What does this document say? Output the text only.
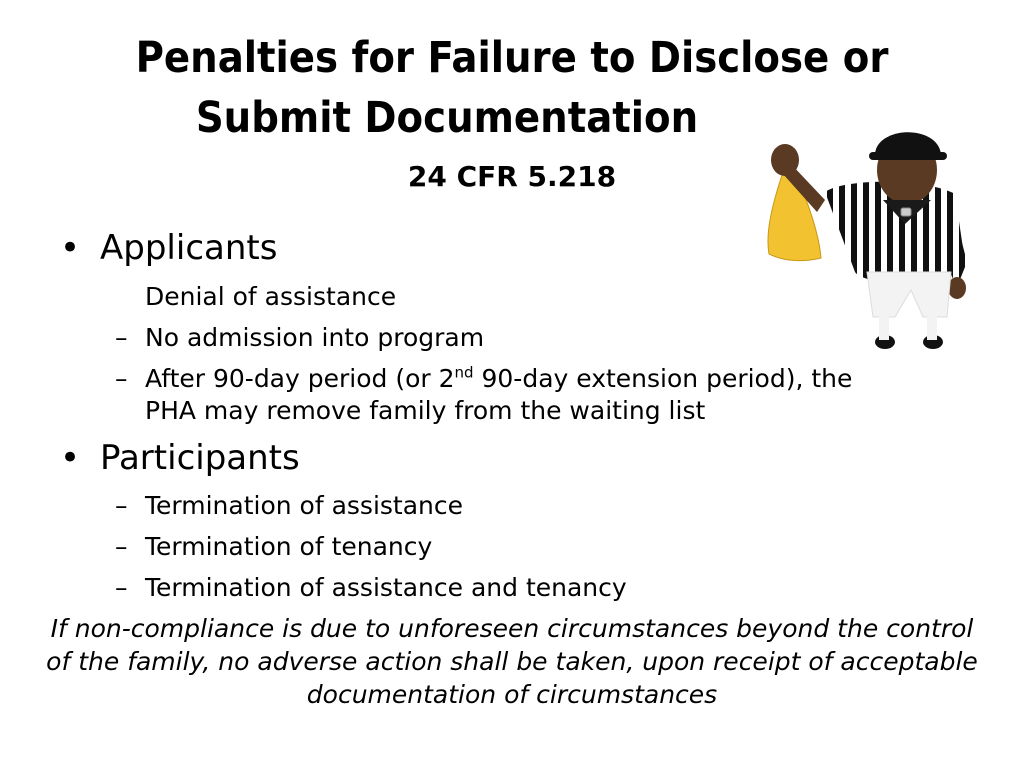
Penalties for Failure to Disclose or
Submit Documentation
24 CFR 5.218
• Applicants
Denial of assistance
– No admission into program
– After 90-day period (or 2nd 90-day extension period), the
PHA may remove family from the waiting list
• Participants
– Termination of assistance
– Termination of tenancy
– Termination of assistance and tenancy
If non-compliance is due to unforeseen circumstances beyond the control of the family, no adverse action shall be taken, upon receipt of acceptable documentation of circumstances
